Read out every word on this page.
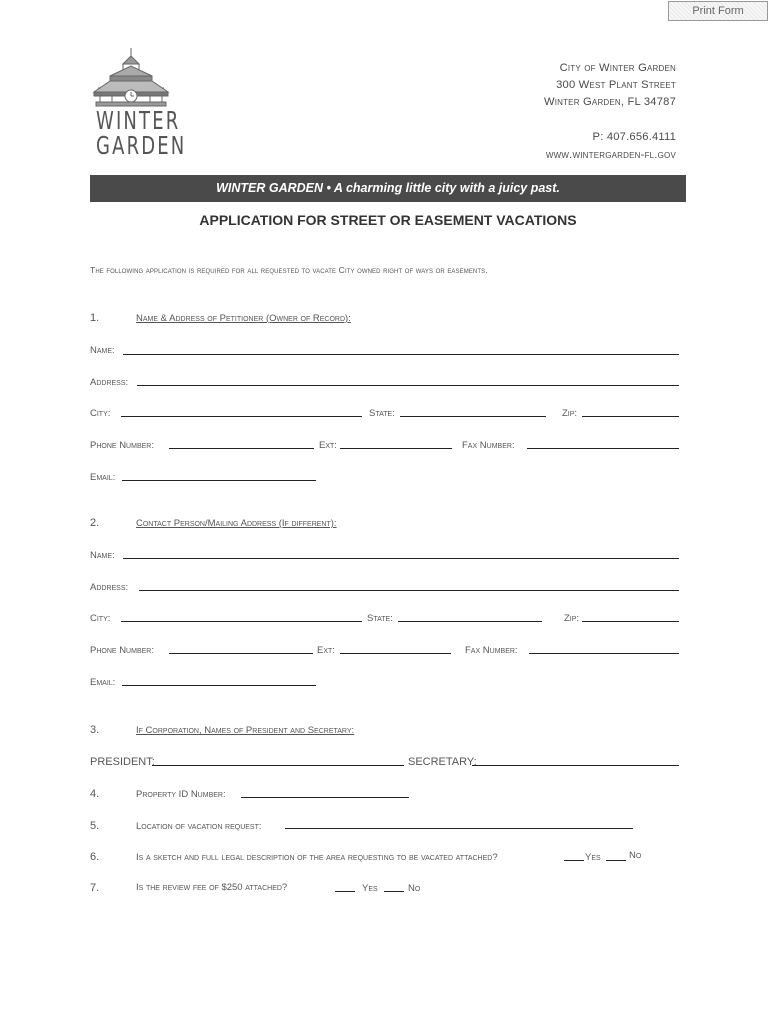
Print Form
WINTER
GARDEN
City of Winter Garden
300 West Plant Street
Winter Garden, FL 34787
P: 407.656.4111
www.wintergarden-fl.gov
WINTER GARDEN • A charming little city with a juicy past.
APPLICATION FOR STREET OR EASEMENT VACATIONS
The following application is required for all requested to vacate City owned right of ways or easements.
1.	Name & Address of Petitioner (Owner of Record):
Name:
Address:
City:	State:	Zip:
Phone Number:	Ext:	Fax Number:
Email:
2.	Contact Person/Mailing Address (If different):
Name:
Address:
City:	State:	Zip:
Phone Number:	Ext:	Fax Number:
Email:
3.	If Corporation, Names of President and Secretary:
PRESIDENT:	SECRETARY:
4.	Property ID Number:
5.	Location of vacation request:
6.	Is a sketch and full legal description of the area requesting to be vacated attached?	Yes	No
7.	Is the review fee of $250 attached?	Yes	No
